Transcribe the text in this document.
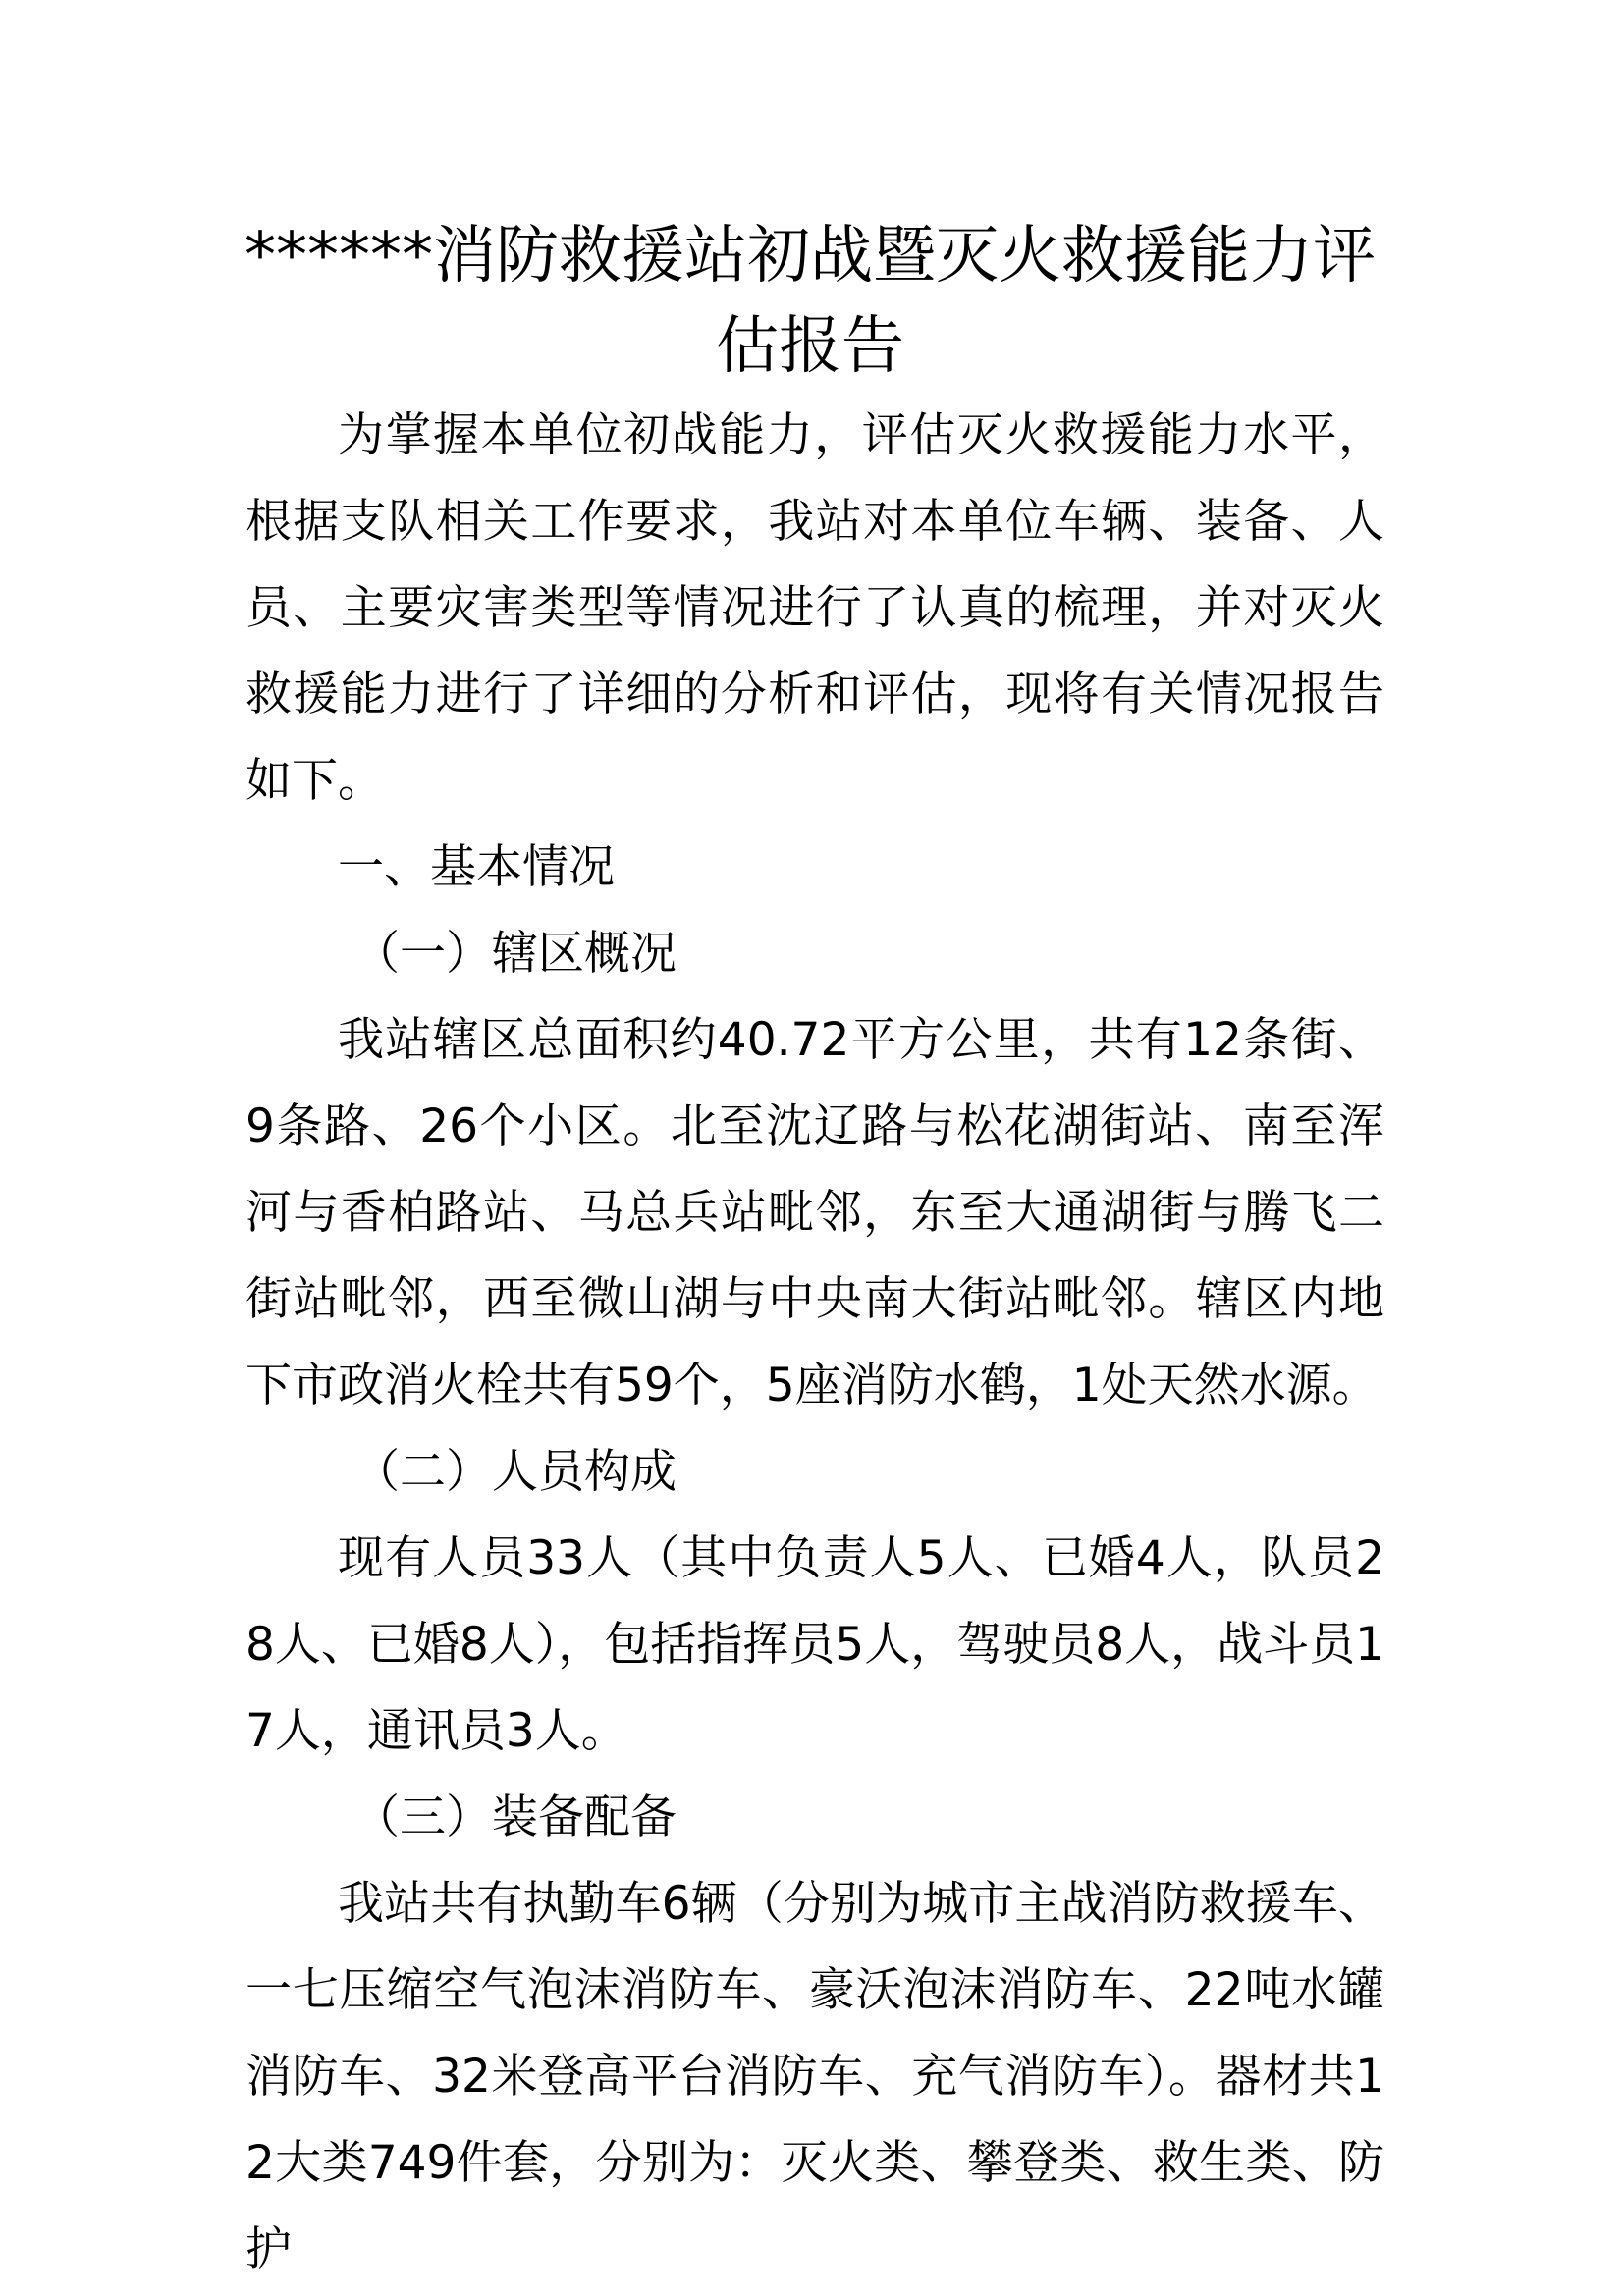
******消防救援站初战暨灭火救援能力评
估报告

为掌握本单位初战能力，评估灭火救援能力水平，根据支队相关工作要求，我站对本单位车辆、装备、人员、主要灾害类型等情况进行了认真的梳理，并对灭火救援能力进行了详细的分析和评估，现将有关情况报告如下。

一、基本情况

（一）辖区概况

我站辖区总面积约40.72平方公里，共有12条街、9条路、26个小区。北至沈辽路与松花湖街站、南至浑河与香柏路站、马总兵站毗邻，东至大通湖街与腾飞二街站毗邻，西至微山湖与中央南大街站毗邻。辖区内地下市政消火栓共有59个，5座消防水鹤，1处天然水源。

（二）人员构成

现有人员33人（其中负责人5人、已婚4人，队员28人、已婚8人），包括指挥员5人，驾驶员8人，战斗员17人，通讯员3人。

（三）装备配备

我站共有执勤车6辆（分别为城市主战消防救援车、一七压缩空气泡沫消防车、豪沃泡沫消防车、22吨水罐消防车、32米登高平台消防车、充气消防车）。器材共12大类749件套，分别为：灭火类、攀登类、救生类、防护
